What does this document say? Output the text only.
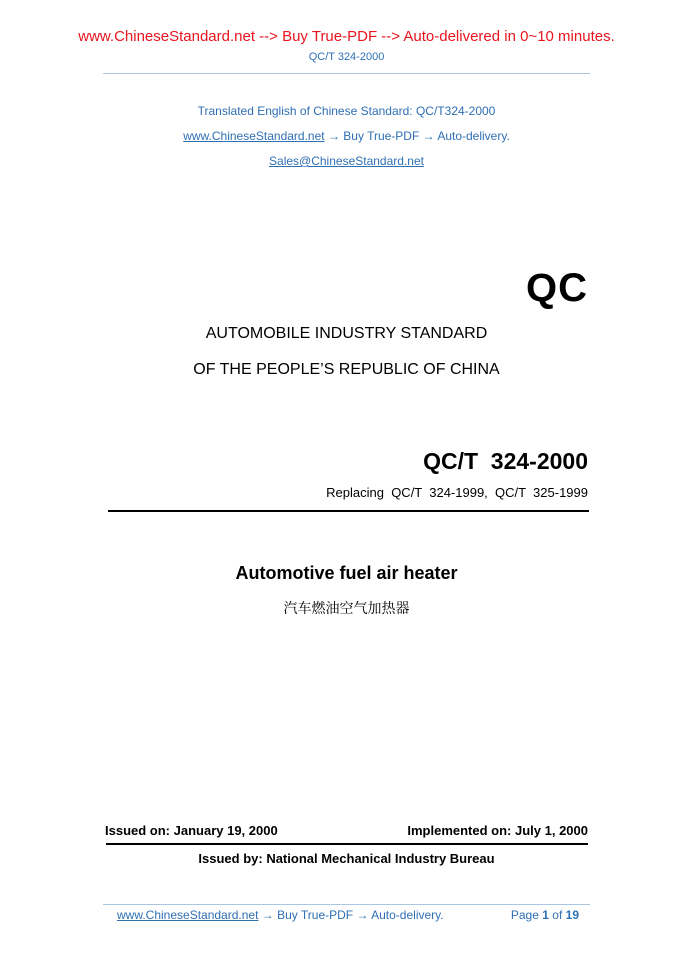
www.ChineseStandard.net --> Buy True-PDF --> Auto-delivered in 0~10 minutes.
QC/T 324-2000
Translated English of Chinese Standard: QC/T324-2000
www.ChineseStandard.net → Buy True-PDF → Auto-delivery.
Sales@ChineseStandard.net
QC
AUTOMOBILE INDUSTRY STANDARD
OF THE PEOPLE’S REPUBLIC OF CHINA
QC/T  324-2000
Replacing  QC/T  324-1999,  QC/T  325-1999
Automotive fuel air heater
汽车燃油空气加热器
Issued on: January 19, 2000	Implemented on: July 1, 2000
Issued by: National Mechanical Industry Bureau
www.ChineseStandard.net → Buy True-PDF → Auto-delivery.	Page 1 of 19
